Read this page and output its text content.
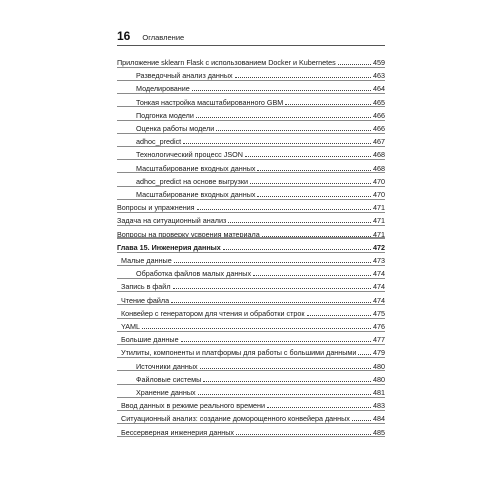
16 Оглавление
Приложение sklearn Flask с использованием Docker и Kubernetes	459
Разведочный анализ данных	463
Моделирование	464
Тонкая настройка масштабированного GBM	465
Подгонка модели	466
Оценка работы модели	466
adhoc_predict	467
Технологический процесс JSON	468
Масштабирование входных данных	468
adhoc_predict на основе выгрузки	470
Масштабирование входных данных	470
Вопросы и упражнения	471
Задача на ситуационный анализ	471
Вопросы на проверку усвоения материала	471
Глава 15. Инженерия данных	472
Малые данные	473
Обработка файлов малых данных	474
Запись в файл	474
Чтение файла	474
Конвейер с генератором для чтения и обработки строк	475
YAML	476
Большие данные	477
Утилиты, компоненты и платформы для работы с большими данными 479
Источники данных	480
Файловые системы	480
Хранение данных	481
Ввод данных в режиме реального времени	483
Ситуационный анализ: создание доморощенного конвейера данных	484
Бессерверная инженерия данных	485
